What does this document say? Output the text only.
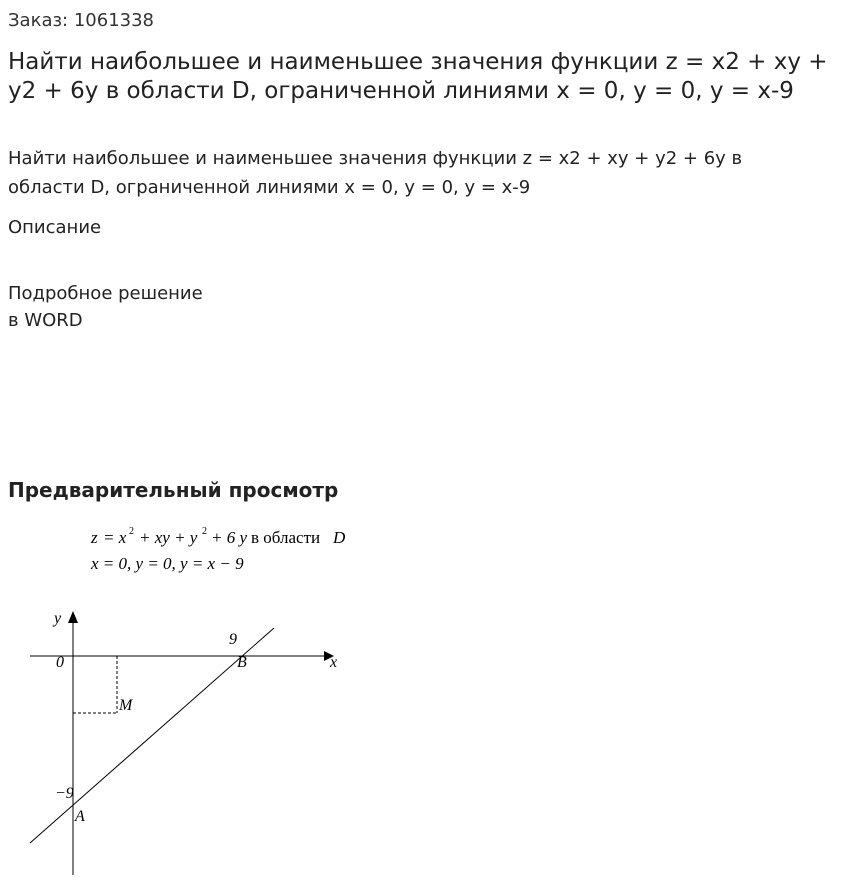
Заказ: 1061338
Найти наибольшее и наименьшее значения функции z = x2 + xy + y2 + 6y в области D, ограниченной линиями x = 0, y = 0, y = x-9

Найти наибольшее и наименьшее значения функции z = x2 + xy + y2 + 6y в области D, ограниченной линиями x = 0, y = 0, y = x-9

Описание
Подробное решение
в WORD
Предварительный просмотр
z = x 2 + xy + y 2 + 6 y в области D
x = 0, y = 0, y = x − 9
y
x
0
9
B
M
−9
A
